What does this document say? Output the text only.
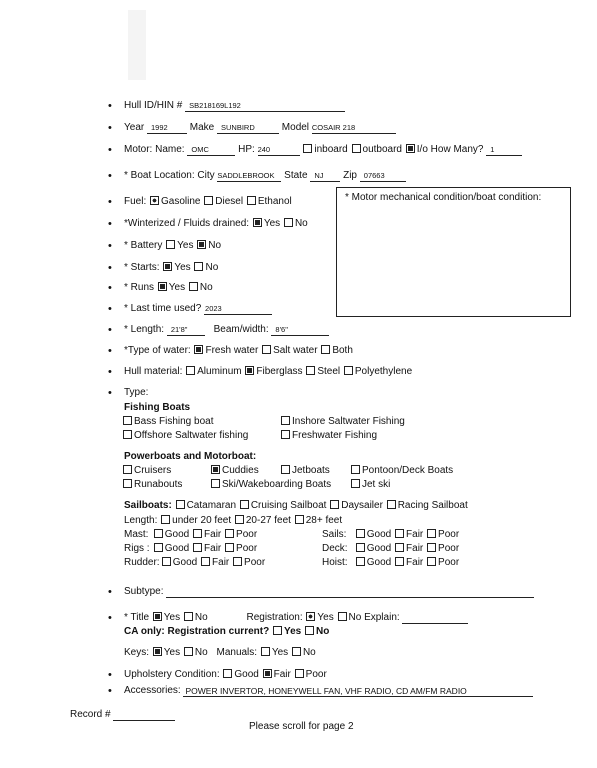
•
Hull ID/HIN # SB218169L192
•
Year 1992 Make SUNBIRD	Model COSAIR 218
•
Motor: Name: OMC	HP: 240	inboard outboard I/o How Many? 1
•
* Boat Location: City SADDLEBROOK State NJ Zip 07663
* Motor mechanical condition/boat condition:
•
Fuel: Gasoline Diesel Ethanol
•
*Winterized / Fluids drained: Yes No
•
* Battery Yes No
•
* Starts: Yes No
•
* Runs Yes No
•
* Last time used? 2023
•
* Length: 21'8"	Beam/width: 8'6"
•
*Type of water: Fresh water Salt water Both
•
Hull material: Aluminum Fiberglass Steel Polyethylene
•
Type:
Fishing Boats
Bass Fishing boat	Inshore Saltwater Fishing
Offshore Saltwater fishing	Freshwater Fishing
Powerboats and Motorboat:
Cruisers	Cuddies	Jetboats	Pontoon/Deck Boats
Runabouts	Ski/Wakeboarding Boats	Jet ski
Sailboats: Catamaran Cruising Sailboat Daysailer Racing Sailboat
Length: under 20 feet 20-27 feet 28+ feet
Mast: Good Fair Poor	Sails: Good Fair Poor
Rigs : Good Fair Poor	Deck: Good Fair Poor
Rudder: Good Fair Poor	Hoist: Good Fair Poor
•
Subtype:
•
* Title Yes No	Registration: Yes No Explain:
CA only: Registration current? Yes No
Keys: Yes No Manuals: Yes No
•
Upholstery Condition: Good Fair Poor
•
Accessories: POWER INVERTOR, HONEYWELL FAN, VHF RADIO, CD AM/FM RADIO
Record #
Please scroll for page 2
